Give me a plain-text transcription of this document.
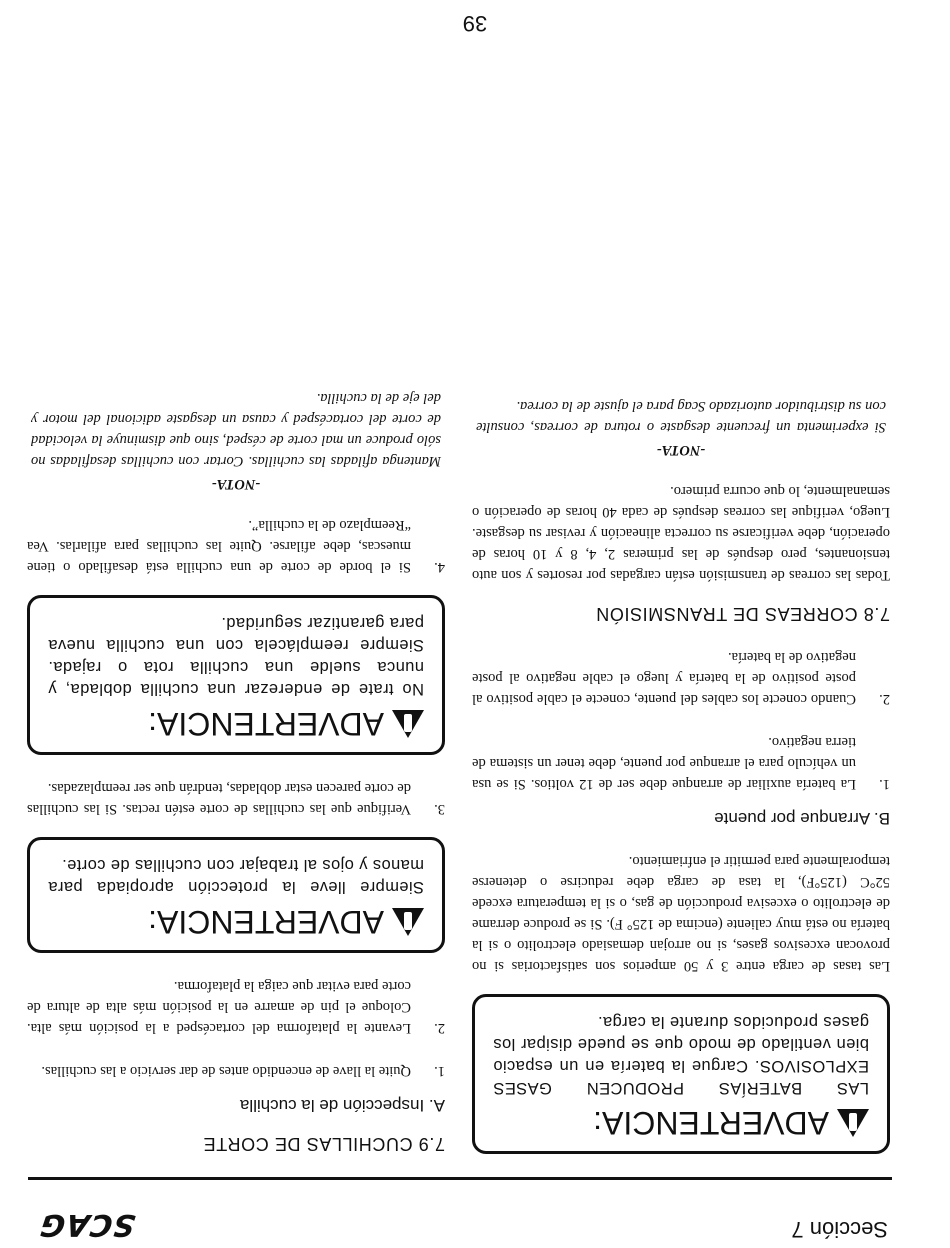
Sección 7
SCAG
ADVERTENCIA:
LAS BATERÍAS PRODUCEN GASES EXPLOSIVOS. Cargue la batería en un espacio bien ventilado de modo que se puede disipar los gases producidos durante la carga.
Las tasas de carga entre 3 y 50 amperios son satisfactorias si no provocan excesivos gases, si no arrojan demasiado electrolito o si la batería no está muy caliente (encima de 125° F). Si se produce derrame de electrolito o excesiva producción de gas, o si la temperatura excede 52°C (125°F), la tasa de carga debe reducirse o detenerse temporalmente para permitir el enfriamiento.
B. Arranque por puente
1.
La batería auxiliar de arranque debe ser de 12 voltios. Si se usa un vehículo para el arranque por puente, debe tener un sistema de tierra negativo.
2.
Cuando conecte los cables del puente, conecte el cable positivo al poste positivo de la batería y luego el cable negativo al poste negativo de la batería.
7.8 CORREAS DE TRANSMISIÓN
Todas las correas de transmisión están cargadas por resortes y son auto tensionantes, pero después de las primeras 2, 4, 8 y 10 horas de operación, debe verificarse su correcta alineación y revisar su desgaste. Luego, verifique las correas después de cada 40 horas de operación o semanalmente, lo que ocurra primero.
-NOTA-
Si experimenta un frecuente desgaste o rotura de correas, consulte con su distribuidor autorizado Scag para el ajuste de la correa.
7.9 CUCHILLAS DE CORTE
A. Inspección de la cuchilla
1.
Quite la llave de encendido antes de dar servicio a las cuchillas.
2.
Levante la plataforma del cortacésped a la posición más alta. Coloque el pin de amarre en la posición más alta de altura de corte para evitar que caiga la plataforma.
ADVERTENCIA:
Siempre lleve la protección apropiada para manos y ojos al trabajar con cuchillas de corte.
3.
Verifique que las cuchillas de corte estén rectas. Si las cuchillas de corte parecen estar dobladas, tendrán que ser reemplazadas.
ADVERTENCIA:
No trate de enderezar una cuchilla doblada, y nunca suelde una cuchilla rota o rajada. Siempre reemplácela con una cuchilla nueva para garantizar seguridad.
4.
Si el borde de corte de una cuchilla está desafilado o tiene muescas, debe afilarse. Quite las cuchillas para afilarlas. Vea “Reemplazo de la cuchilla”.
-NOTA-
Mantenga afiladas las cuchillas. Cortar con cuchillas desafiladas no sólo produce un mal corte de césped, sino que disminuye la velocidad de corte del cortacésped y causa un desgaste adicional del motor y del eje de la cuchilla.
39
